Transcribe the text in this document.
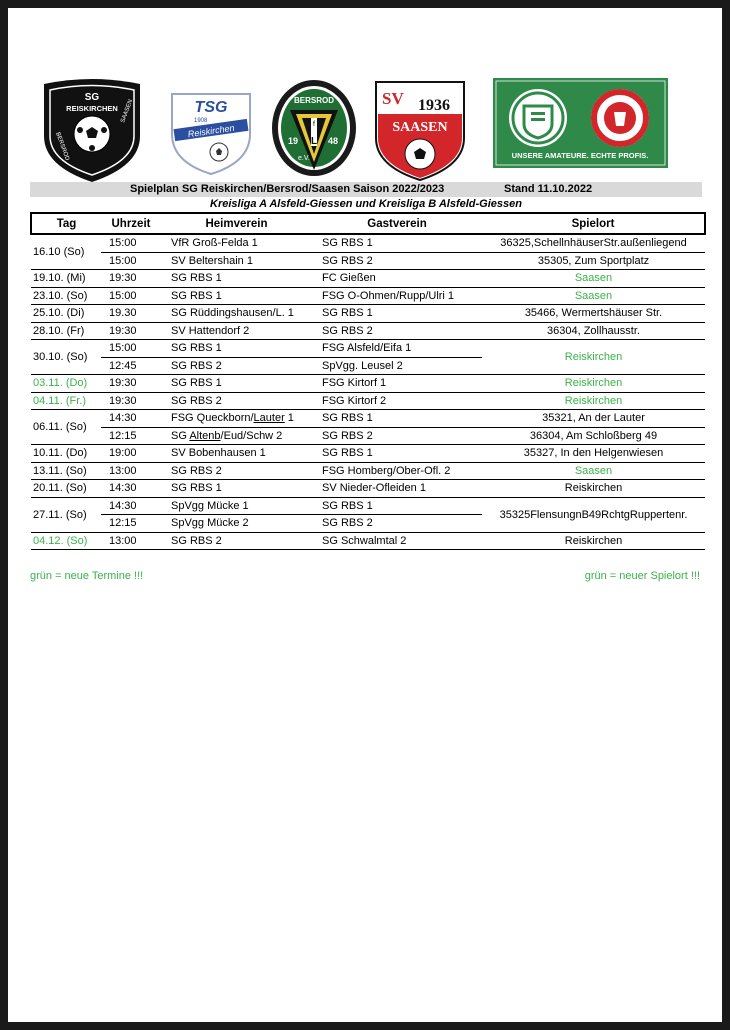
SG
REISKIRCHEN
BERSROD
SAASEN	TSG
1908
Reiskirchen
BERSROD
f
L
19	48
e.V.
SV 1936
SAASEN
UNSERE AMATEURE. ECHTE PROFIS.
Spielplan SG Reiskirchen/Bersrod/Saasen Saison 2022/2023	Stand 11.10.2022
Kreisliga A Alsfeld-Giessen und Kreisliga B Alsfeld-Giessen
Tag	Uhrzeit	Heimverein	Gastverein	Spielort
16.10 (So)	15:00	VfR Groß-Felda 1	SG RBS 1	36325,SchellnhäuserStr.außenliegend
	15:00	SV Beltershain 1	SG RBS 2	35305, Zum Sportplatz
19.10. (Mi)	19:30	SG RBS 1	FC Gießen	Saasen
23.10. (So)	15:00	SG RBS 1	FSG O-Ohmen/Rupp/Ulri 1	Saasen
25.10. (Di)	19.30	SG Rüddingshausen/L. 1	SG RBS 1	35466, Wermertshäuser Str.
28.10. (Fr)	19:30	SV Hattendorf 2	SG RBS 2	36304, Zollhausstr.
30.10. (So)	15:00	SG RBS 1	FSG Alsfeld/Eifa 1	Reiskirchen
	12:45	SG RBS 2	SpVgg. Leusel 2	
03.11. (Do)	19:30	SG RBS 1	FSG Kirtorf 1	Reiskirchen
04.11. (Fr.)	19:30	SG RBS 2	FSG Kirtorf 2	Reiskirchen
06.11. (So)	14:30	FSG Queckborn/Lauter 1	SG RBS 1	35321, An der Lauter
	12:15	SG Altenb/Eud/Schw 2	SG RBS 2	36304, Am Schloßberg 49
10.11. (Do)	19:00	SV Bobenhausen 1	SG RBS 1	35327, In den Helgenwiesen
13.11. (So)	13:00	SG RBS 2	FSG Homberg/Ober-Ofl. 2	Saasen
20.11. (So)	14:30	SG RBS 1	SV Nieder-Ofleiden 1	Reiskirchen
27.11. (So)	14:30	SpVgg Mücke 1	SG RBS 1	35325FlensungnB49RchtgRuppertenr.
	12:15	SpVgg Mücke 2	SG RBS 2	
04.12. (So)	13:00	SG RBS 2	SG Schwalmtal 2	Reiskirchen
grün = neue Termine !!!	grün = neuer Spielort !!!
